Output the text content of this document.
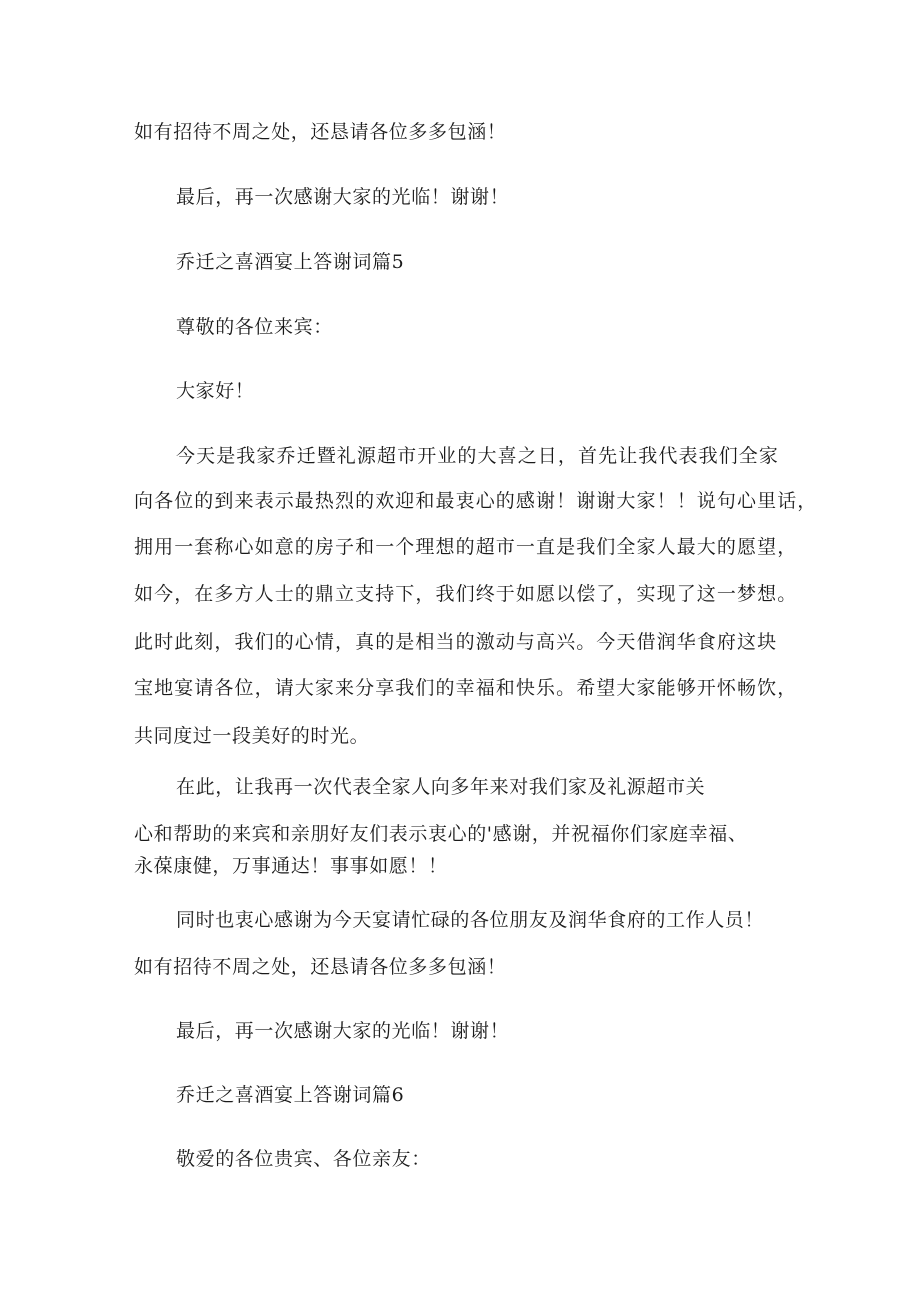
如有招待不周之处，还恳请各位多多包涵！

最后，再一次感谢大家的光临！谢谢！

乔迁之喜酒宴上答谢词篇5

尊敬的各位来宾：

大家好！

今天是我家乔迁暨礼源超市开业的大喜之日，首先让我代表我们全家

向各位的到来表示最热烈的欢迎和最衷心的感谢！谢谢大家！！说句心里话，

拥用一套称心如意的房子和一个理想的超市一直是我们全家人最大的愿望，

如今，在多方人士的鼎立支持下，我们终于如愿以偿了，实现了这一梦想。

此时此刻，我们的心情，真的是相当的激动与高兴。今天借润华食府这块

宝地宴请各位，请大家来分享我们的幸福和快乐。希望大家能够开怀畅饮，

共同度过一段美好的时光。

在此，让我再一次代表全家人向多年来对我们家及礼源超市关

心和帮助的来宾和亲朋好友们表示衷心的'感谢，并祝福你们家庭幸福、

永葆康健，万事通达！事事如愿！！

同时也衷心感谢为今天宴请忙碌的各位朋友及润华食府的工作人员！

如有招待不周之处，还恳请各位多多包涵！

最后，再一次感谢大家的光临！谢谢！

乔迁之喜酒宴上答谢词篇6

敬爱的各位贵宾、各位亲友：
